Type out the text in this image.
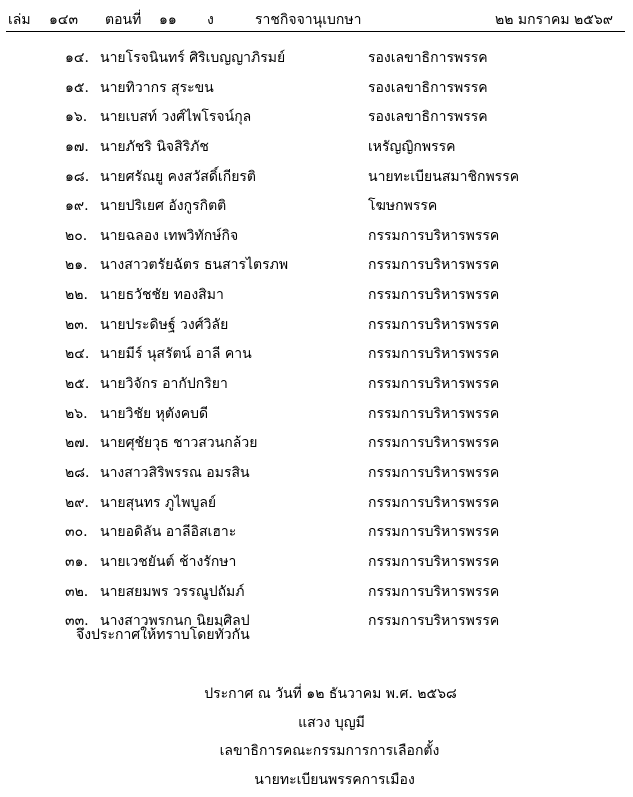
เล่ม ๑๔๓ ตอนที่ ๑๑ ง	ราชกิจจานุเบกษา	๒๒ มกราคม ๒๕๖๙
๑๔. นายโรจนินทร์ ศิริเบญญาภิรมย์	รองเลขาธิการพรรค
๑๕. นายทิวากร สุระขน	รองเลขาธิการพรรค
๑๖. นายเบสท์ วงศ์ไพโรจน์กุล	รองเลขาธิการพรรค
๑๗. นายภัชริ นิจสิริภัช	เหรัญญิกพรรค
๑๘. นายศรัณยู คงสวัสดิ์เกียรติ	นายทะเบียนสมาชิกพรรค
๑๙. นายปริเยศ อังกูรกิตติ	โฆษกพรรค
๒๐. นายฉลอง เทพวิทักษ์กิจ	กรรมการบริหารพรรค
๒๑. นางสาวตรัยฉัตร ธนสารไตรภพ	กรรมการบริหารพรรค
๒๒. นายธวัชชัย ทองสิมา	กรรมการบริหารพรรค
๒๓. นายประดิษฐ์ วงศ์วิลัย	กรรมการบริหารพรรค
๒๔. นายมีร์ นุสรัตน์ อาลี คาน	กรรมการบริหารพรรค
๒๕. นายวิจักร อากัปกริยา	กรรมการบริหารพรรค
๒๖. นายวิชัย หุตังคบดี	กรรมการบริหารพรรค
๒๗. นายศุชัยวุธ ชาวสวนกล้วย	กรรมการบริหารพรรค
๒๘. นางสาวสิริพรรณ อมรสิน	กรรมการบริหารพรรค
๒๙. นายสุนทร ภูไพบูลย์	กรรมการบริหารพรรค
๓๐. นายอดิลัน อาลีอิสเฮาะ	กรรมการบริหารพรรค
๓๑. นายเวชยันต์ ช้างรักษา	กรรมการบริหารพรรค
๓๒. นายสยมพร วรรณูปถัมภ์	กรรมการบริหารพรรค
๓๓. นางสาวพรกนก นิยมศิลป	กรรมการบริหารพรรค
จึงประกาศให้ทราบโดยทั่วกัน
ประกาศ ณ วันที่ ๑๒ ธันวาคม พ.ศ. ๒๕๖๘
แสวง บุญมี
เลขาธิการคณะกรรมการการเลือกตั้ง
นายทะเบียนพรรคการเมือง
